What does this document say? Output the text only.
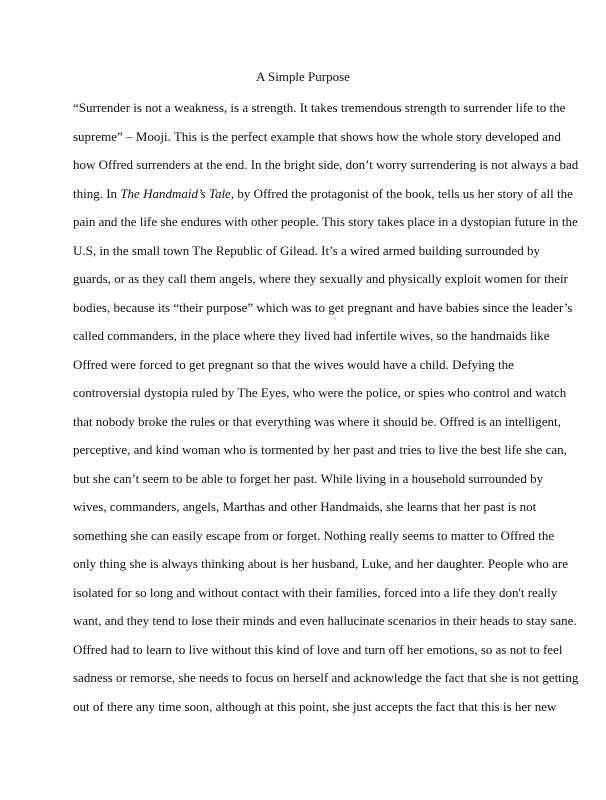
A Simple Purpose
“Surrender is not a weakness, is a strength. It takes tremendous strength to surrender life to the
supreme” – Mooji. This is the perfect example that shows how the whole story developed and
how Offred surrenders at the end. In the bright side, don’t worry surrendering is not always a bad
thing. In The Handmaid’s Tale, by Offred the protagonist of the book, tells us her story of all the
pain and the life she endures with other people. This story takes place in a dystopian future in the
U.S, in the small town The Republic of Gilead. It’s a wired armed building surrounded by
guards, or as they call them angels, where they sexually and physically exploit women for their
bodies, because its “their purpose” which was to get pregnant and have babies since the leader’s
called commanders, in the place where they lived had infertile wives, so the handmaids like
Offred were forced to get pregnant so that the wives would have a child. Defying the
controversial dystopia ruled by The Eyes, who were the police, or spies who control and watch
that nobody broke the rules or that everything was where it should be. Offred is an intelligent,
perceptive, and kind woman who is tormented by her past and tries to live the best life she can,
but she can’t seem to be able to forget her past. While living in a household surrounded by
wives, commanders, angels, Marthas and other Handmaids, she learns that her past is not
something she can easily escape from or forget. Nothing really seems to matter to Offred the
only thing she is always thinking about is her husband, Luke, and her daughter. People who are
isolated for so long and without contact with their families, forced into a life they don't really
want, and they tend to lose their minds and even hallucinate scenarios in their heads to stay sane.
Offred had to learn to live without this kind of love and turn off her emotions, so as not to feel
sadness or remorse, she needs to focus on herself and acknowledge the fact that she is not getting
out of there any time soon, although at this point, she just accepts the fact that this is her new
